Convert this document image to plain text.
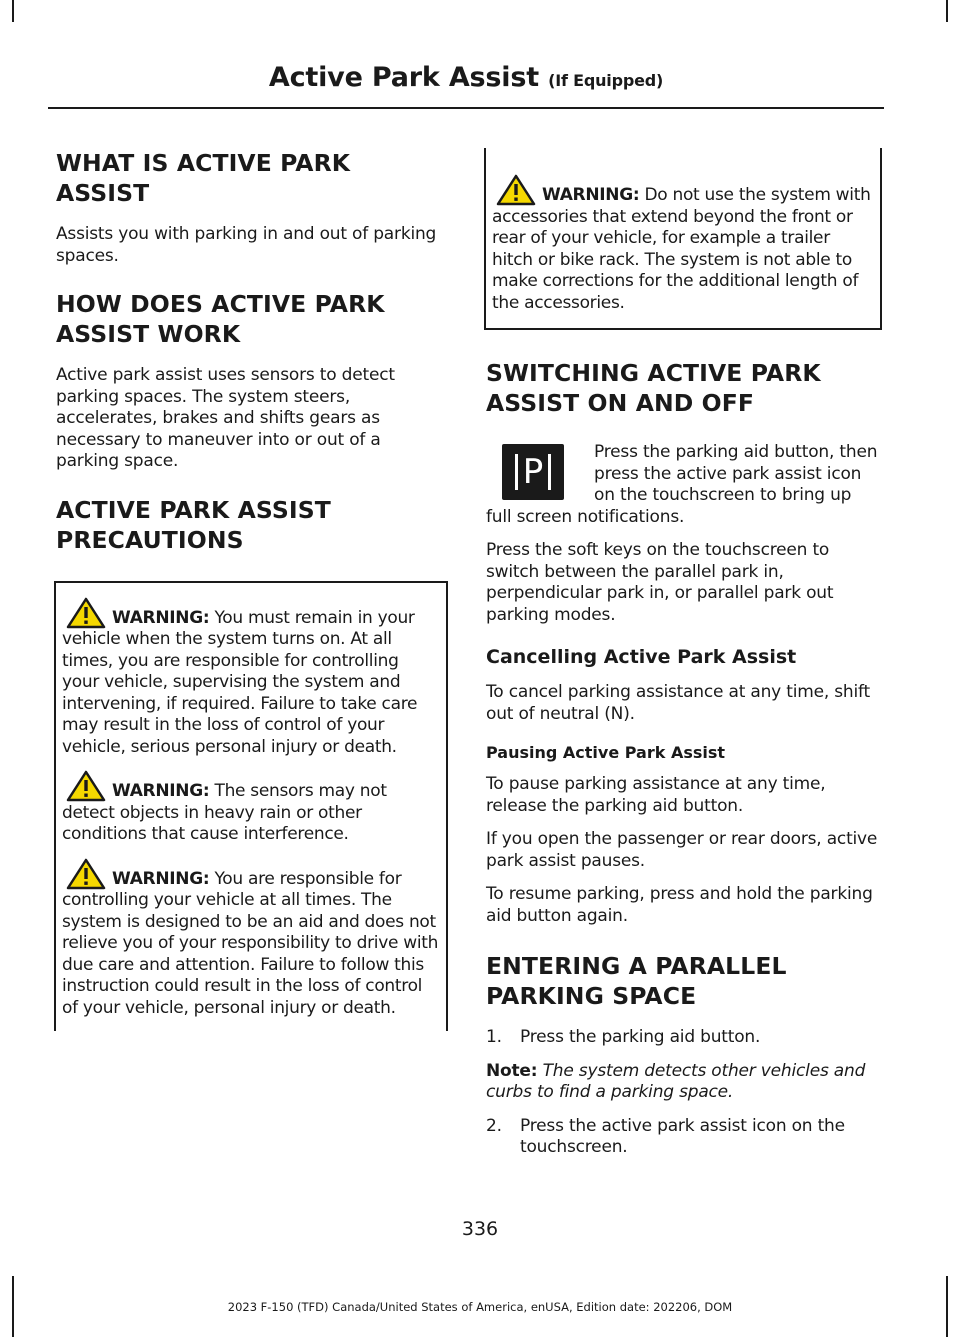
Active Park Assist (If Equipped)
WHAT IS ACTIVE PARK
ASSIST

Assists you with parking in and out of parking spaces.

HOW DOES ACTIVE PARK
ASSIST WORK

Active park assist uses sensors to detect parking spaces. The system steers, accelerates, brakes and shifts gears as necessary to maneuver into or out of a parking space.

ACTIVE PARK ASSIST
PRECAUTIONS

WARNING: You must remain in your vehicle when the system turns on. At all times, you are responsible for controlling your vehicle, supervising the system and intervening, if required. Failure to take care may result in the loss of control of your vehicle, serious personal injury or death.

WARNING: The sensors may not detect objects in heavy rain or other conditions that cause interference.

WARNING: You are responsible for controlling your vehicle at all times. The system is designed to be an aid and does not relieve you of your responsibility to drive with due care and attention. Failure to follow this instruction could result in the loss of control of your vehicle, personal injury or death.

WARNING: Do not use the system with accessories that extend beyond the front or rear of your vehicle, for example a trailer hitch or bike rack. The system is not able to make corrections for the additional length of the accessories.

SWITCHING ACTIVE PARK
ASSIST ON AND OFF
P	Press the parking aid button, then press the active park assist icon on the touchscreen to bring up full screen notifications.

Press the soft keys on the touchscreen to switch between the parallel park in, perpendicular park in, or parallel park out parking modes.

Cancelling Active Park Assist

To cancel parking assistance at any time, shift out of neutral (N).

Pausing Active Park Assist

To pause parking assistance at any time, release the parking aid button.

If you open the passenger or rear doors, active park assist pauses.

To resume parking, press and hold the parking aid button again.

ENTERING A PARALLEL
PARKING SPACE
1.	Press the parking aid button.

Note: The system detects other vehicles and curbs to find a parking space.

2.	Press the active park assist icon on the touchscreen.
336
2023 F-150 (TFD) Canada/United States of America, enUSA, Edition date: 202206, DOM
